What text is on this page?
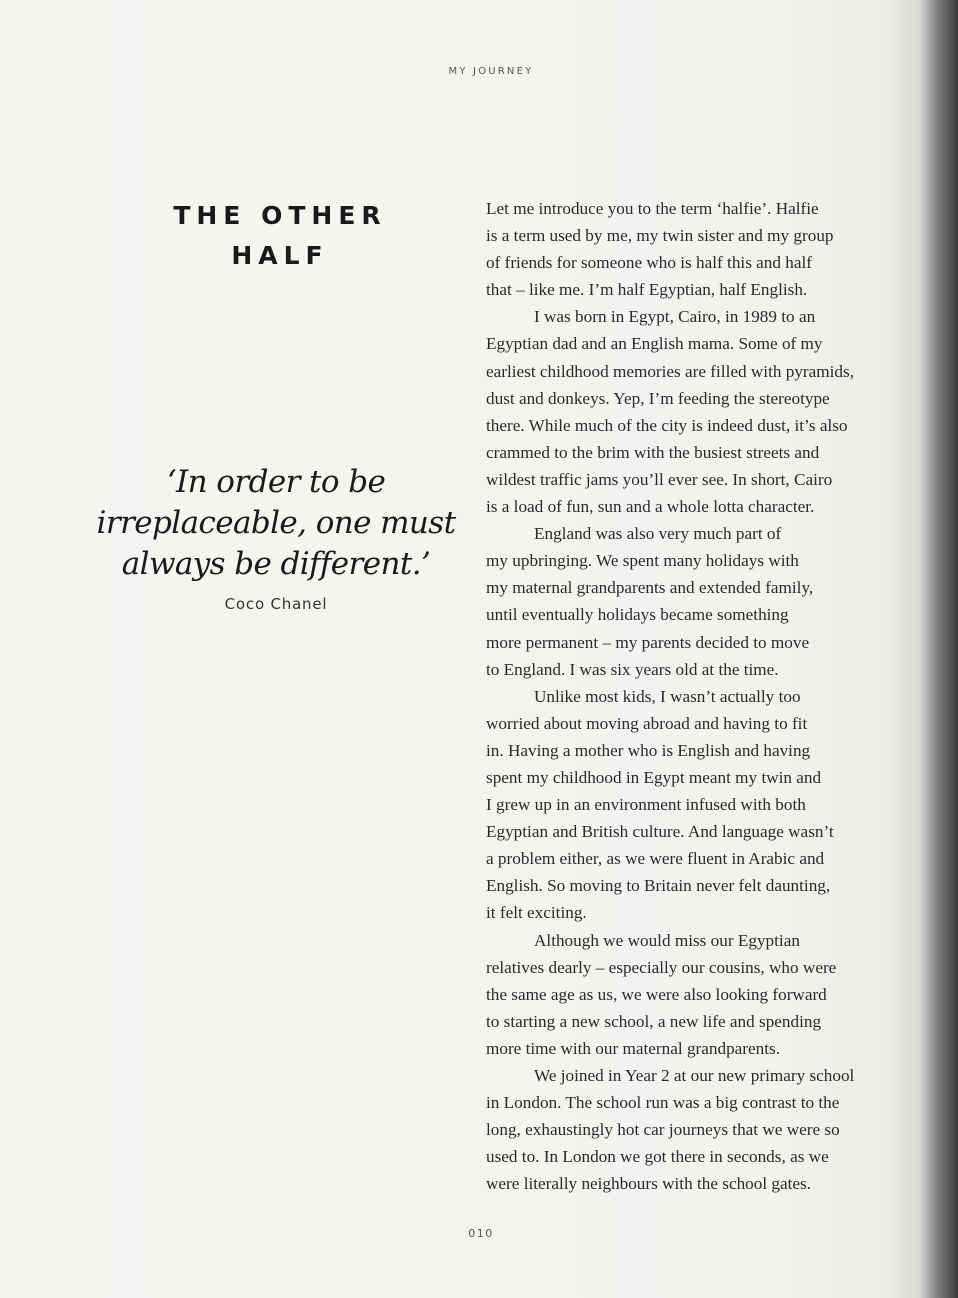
MY JOURNEY
THE OTHER
HALF

‘In order to be
irreplaceable, one must
always be different.’

Coco Chanel
Let me introduce you to the term ‘halfie’. Halfie
is a term used by me, my twin sister and my group
of friends for someone who is half this and half
that – like me. I’m half Egyptian, half English.
I was born in Egypt, Cairo, in 1989 to an
Egyptian dad and an English mama. Some of my
earliest childhood memories are filled with pyramids,
dust and donkeys. Yep, I’m feeding the stereotype
there. While much of the city is indeed dust, it’s also
crammed to the brim with the busiest streets and
wildest traffic jams you’ll ever see. In short, Cairo
is a load of fun, sun and a whole lotta character.
England was also very much part of
my upbringing. We spent many holidays with
my maternal grandparents and extended family,
until eventually holidays became something
more permanent – my parents decided to move
to England. I was six years old at the time.
Unlike most kids, I wasn’t actually too
worried about moving abroad and having to fit
in. Having a mother who is English and having
spent my childhood in Egypt meant my twin and
I grew up in an environment infused with both
Egyptian and British culture. And language wasn’t
a problem either, as we were fluent in Arabic and
English. So moving to Britain never felt daunting,
it felt exciting.
Although we would miss our Egyptian
relatives dearly – especially our cousins, who were
the same age as us, we were also looking forward
to starting a new school, a new life and spending
more time with our maternal grandparents.
We joined in Year 2 at our new primary school
in London. The school run was a big contrast to the
long, exhaustingly hot car journeys that we were so
used to. In London we got there in seconds, as we
were literally neighbours with the school gates.
010
